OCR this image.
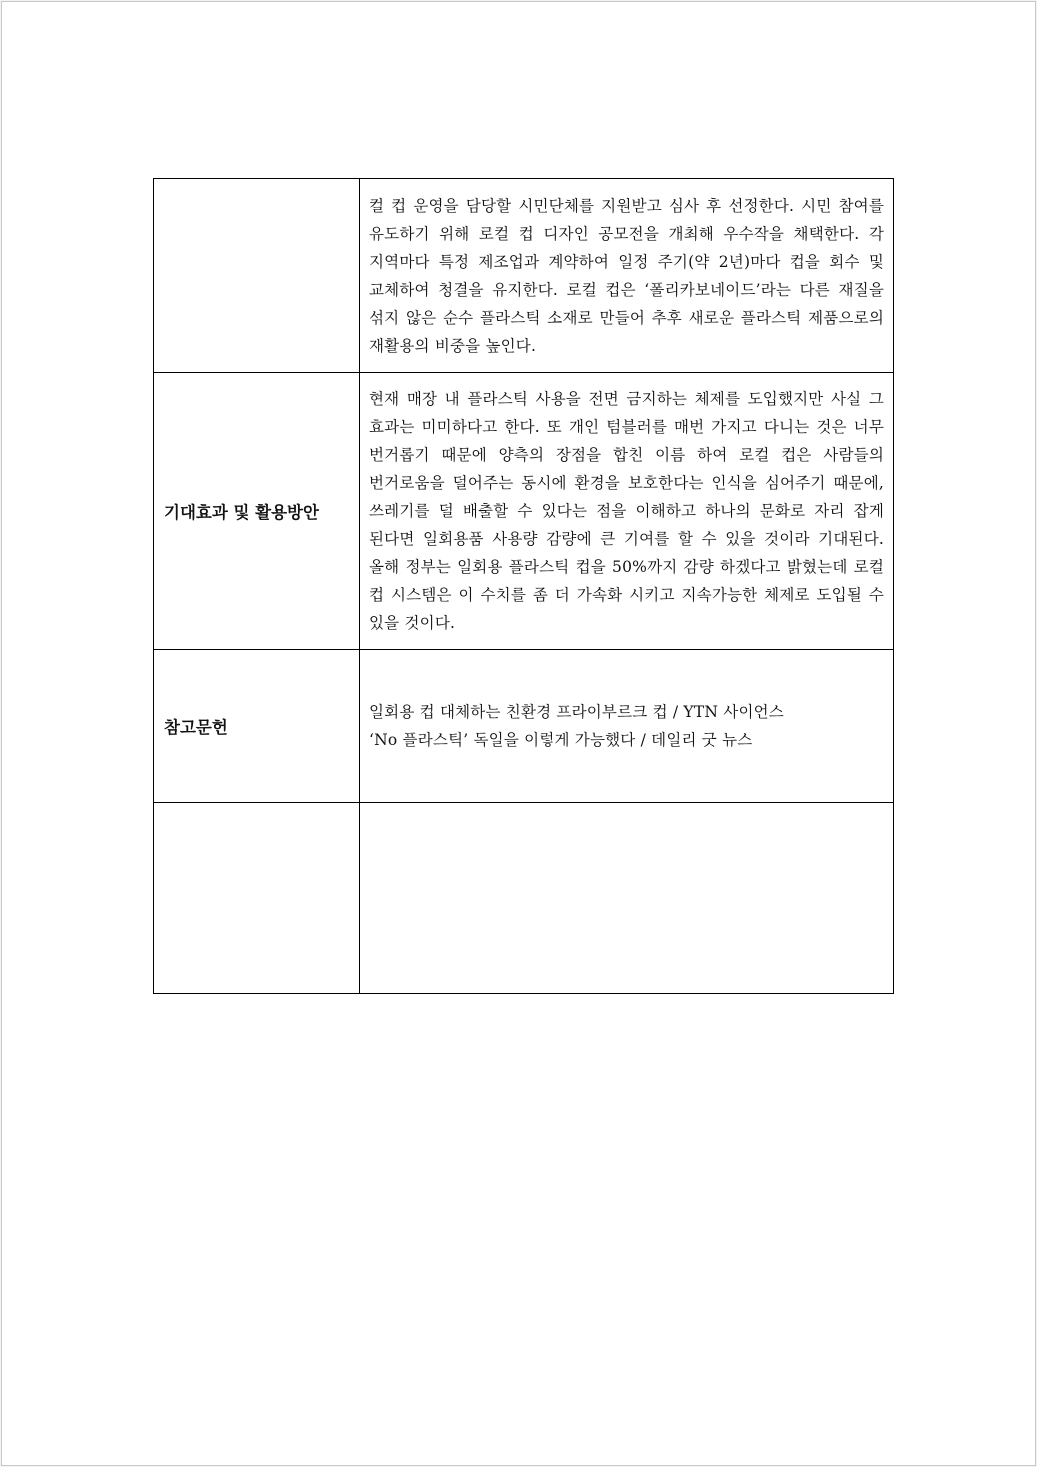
	컬 컵 운영을 담당할 시민단체를 지원받고 심사 후 선정한다. 시민 참여를 유도하기 위해 로컬 컵 디자인 공모전을 개최해 우수작을 채택한다. 각 지역마다 특정 제조업과 계약하여 일정 주기(약 2년)마다 컵을 회수 및 교체하여 청결을 유지한다. 로컬 컵은 ‘폴리카보네이드’라는 다른 재질을 섞지 않은 순수 플라스틱 소재로 만들어 추후 새로운 플라스틱 제품으로의 재활용의 비중을 높인다.

기대효과 및 활용방안	현재 매장 내 플라스틱 사용을 전면 금지하는 체제를 도입했지만 사실 그 효과는 미미하다고 한다. 또 개인 텀블러를 매번 가지고 다니는 것은 너무 번거롭기 때문에 양측의 장점을 합친 이름 하여 로컬 컵은 사람들의 번거로움을 덜어주는 동시에 환경을 보호한다는 인식을 심어주기 때문에, 쓰레기를 덜 배출할 수 있다는 점을 이해하고 하나의 문화로 자리 잡게 된다면 일회용품 사용량 감량에 큰 기여를 할 수 있을 것이라 기대된다. 올해 정부는 일회용 플라스틱 컵을 50%까지 감량 하겠다고 밝혔는데 로컬 컵 시스템은 이 수치를 좀 더 가속화 시키고 지속가능한 체제로 도입될 수 있을 것이다.

참고문헌	일회용 컵 대체하는 친환경 프라이부르크 컵 / YTN 사이언스
‘No 플라스틱’ 독일을 이렇게 가능했다 / 데일리 굿 뉴스
